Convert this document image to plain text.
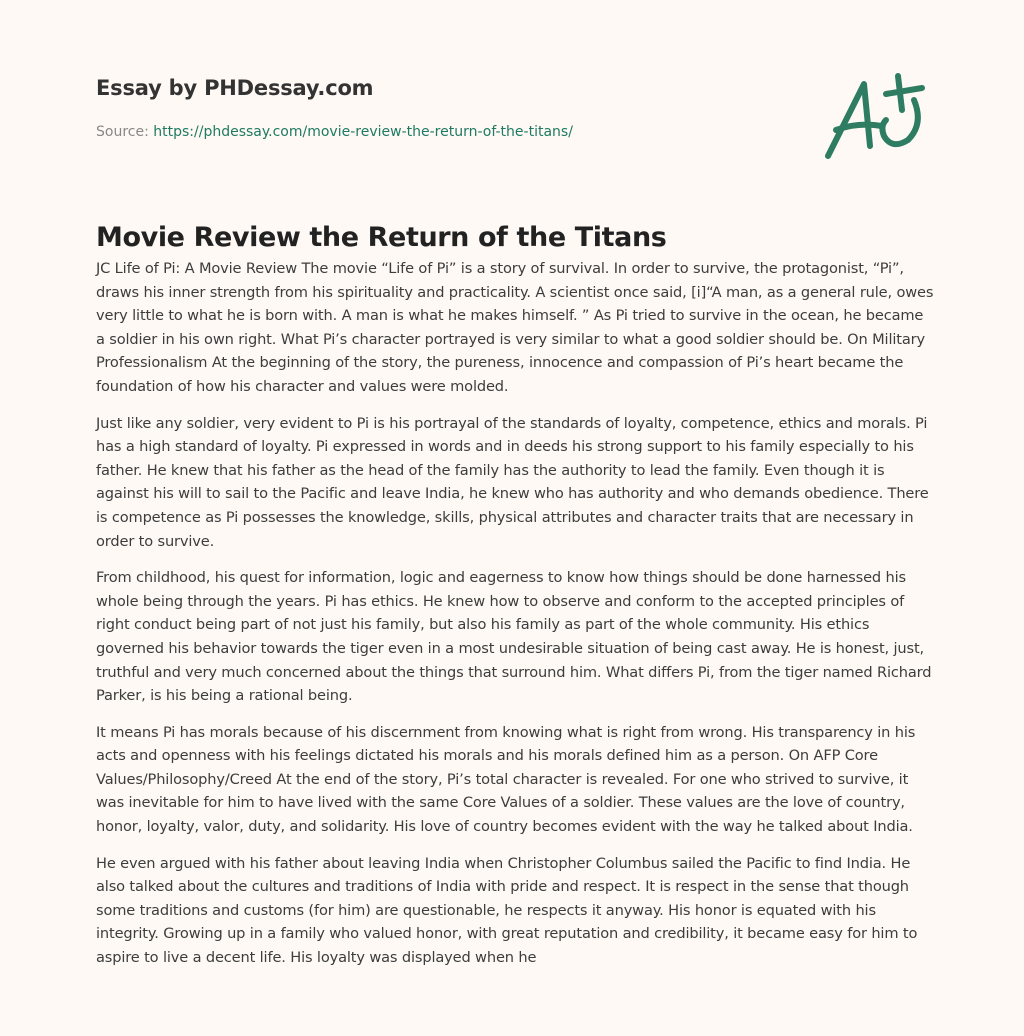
Essay by PHDessay.com
Source: https://phdessay.com/movie-review-the-return-of-the-titans/
Movie Review the Return of the Titans

JC Life of Pi: A Movie Review The movie “Life of Pi” is a story of survival. In order to survive, the protagonist, “Pi”, draws his inner strength from his spirituality and practicality. A scientist once said, [i]“A man, as a general rule, owes very little to what he is born with. A man is what he makes himself. ” As Pi tried to survive in the ocean, he became a soldier in his own right. What Pi’s character portrayed is very similar to what a good soldier should be. On Military Professionalism At the beginning of the story, the pureness, innocence and compassion of Pi’s heart became the foundation of how his character and values were molded.

Just like any soldier, very evident to Pi is his portrayal of the standards of loyalty, competence, ethics and morals. Pi has a high standard of loyalty. Pi expressed in words and in deeds his strong support to his family especially to his father. He knew that his father as the head of the family has the authority to lead the family. Even though it is against his will to sail to the Pacific and leave India, he knew who has authority and who demands obedience. There is competence as Pi possesses the knowledge, skills, physical attributes and character traits that are necessary in order to survive.

From childhood, his quest for information, logic and eagerness to know how things should be done harnessed his whole being through the years. Pi has ethics. He knew how to observe and conform to the accepted principles of right conduct being part of not just his family, but also his family as part of the whole community. His ethics governed his behavior towards the tiger even in a most undesirable situation of being cast away. He is honest, just, truthful and very much concerned about the things that surround him. What differs Pi, from the tiger named Richard Parker, is his being a rational being.

It means Pi has morals because of his discernment from knowing what is right from wrong. His transparency in his acts and openness with his feelings dictated his morals and his morals defined him as a person. On AFP Core Values/Philosophy/Creed At the end of the story, Pi’s total character is revealed. For one who strived to survive, it was inevitable for him to have lived with the same Core Values of a soldier. These values are the love of country, honor, loyalty, valor, duty, and solidarity. His love of country becomes evident with the way he talked about India.

He even argued with his father about leaving India when Christopher Columbus sailed the Pacific to find India. He also talked about the cultures and traditions of India with pride and respect. It is respect in the sense that though some traditions and customs (for him) are questionable, he respects it anyway. His honor is equated with his integrity. Growing up in a family who valued honor, with great reputation and credibility, it became easy for him to aspire to live a decent life. His loyalty was displayed when he
